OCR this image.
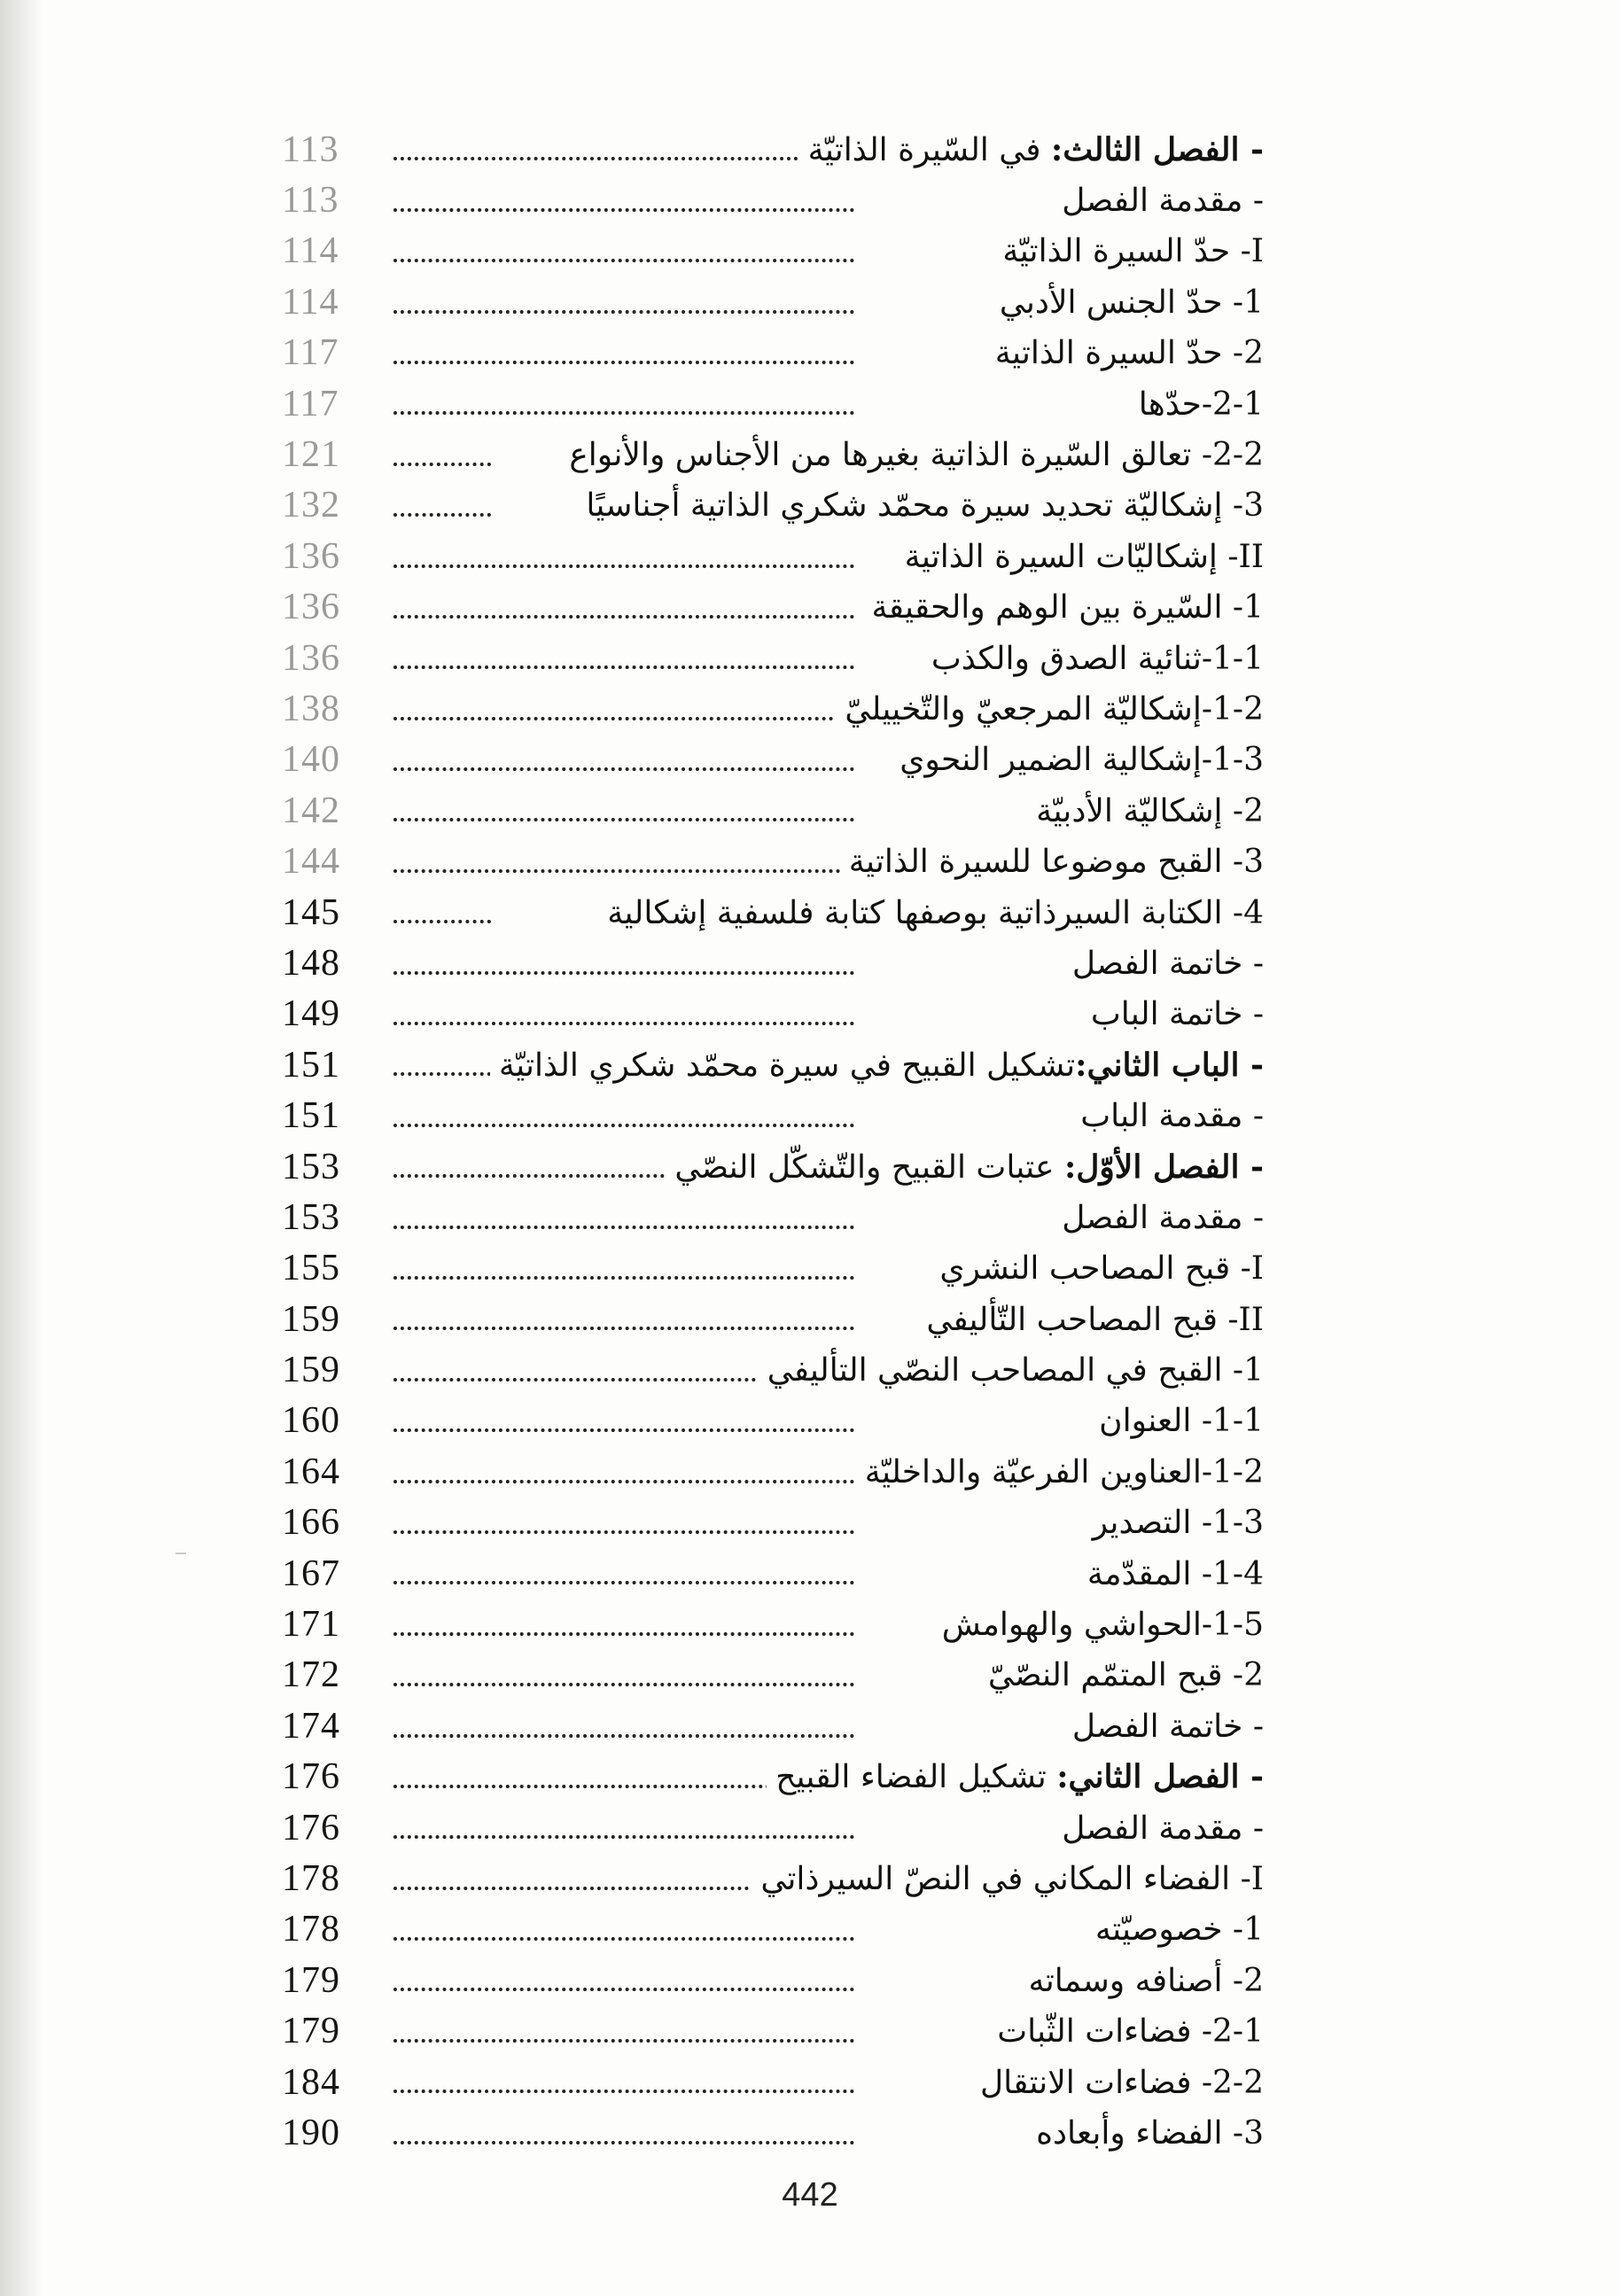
113	- الفصل الثالث: في السّيرة الذاتيّة
113	- مقدمة الفصل
114	I- حدّ السيرة الذاتيّة
114	1- حدّ الجنس الأدبي
117	2- حدّ السيرة الذاتية
117	2-1-حدّها
121	2-2- تعالق السّيرة الذاتية بغيرها من الأجناس والأنواع
132	3- إشكاليّة تحديد سيرة محمّد شكري الذاتية أجناسيًا
136	II- إشكاليّات السيرة الذاتية
136	1- السّيرة بين الوهم والحقيقة
136	1-1-ثنائية الصدق والكذب
138	1-2-إشكاليّة المرجعيّ والتّخييليّ
140	1-3-إشكالية الضمير النحوي
142	2- إشكاليّة الأدبيّة
144	3- القبح موضوعا للسيرة الذاتية
145	4- الكتابة السيرذاتية بوصفها كتابة فلسفية إشكالية
148	- خاتمة الفصل
149	- خاتمة الباب
151	- الباب الثاني:تشكيل القبيح في سيرة محمّد شكري الذاتيّة
151	- مقدمة الباب
153	- الفصل الأوّل: عتبات القبيح والتّشكّل النصّي
153	- مقدمة الفصل
155	I- قبح المصاحب النشري
159	II- قبح المصاحب التّأليفي
159	1- القبح في المصاحب النصّي التأليفي
160	1-1- العنوان
164	1-2-العناوين الفرعيّة والداخليّة
166	1-3- التصدير
167	1-4- المقدّمة
171	1-5-الحواشي والهوامش
172	2- قبح المتمّم النصّيّ
174	- خاتمة الفصل
176	- الفصل الثاني: تشكيل الفضاء القبيح
176	- مقدمة الفصل
178	I- الفضاء المكاني في النصّ السيرذاتي
178	1- خصوصيّته
179	2- أصنافه وسماته
179	2-1- فضاءات الثّبات
184	2-2- فضاءات الانتقال
190	3- الفضاء وأبعاده
442
